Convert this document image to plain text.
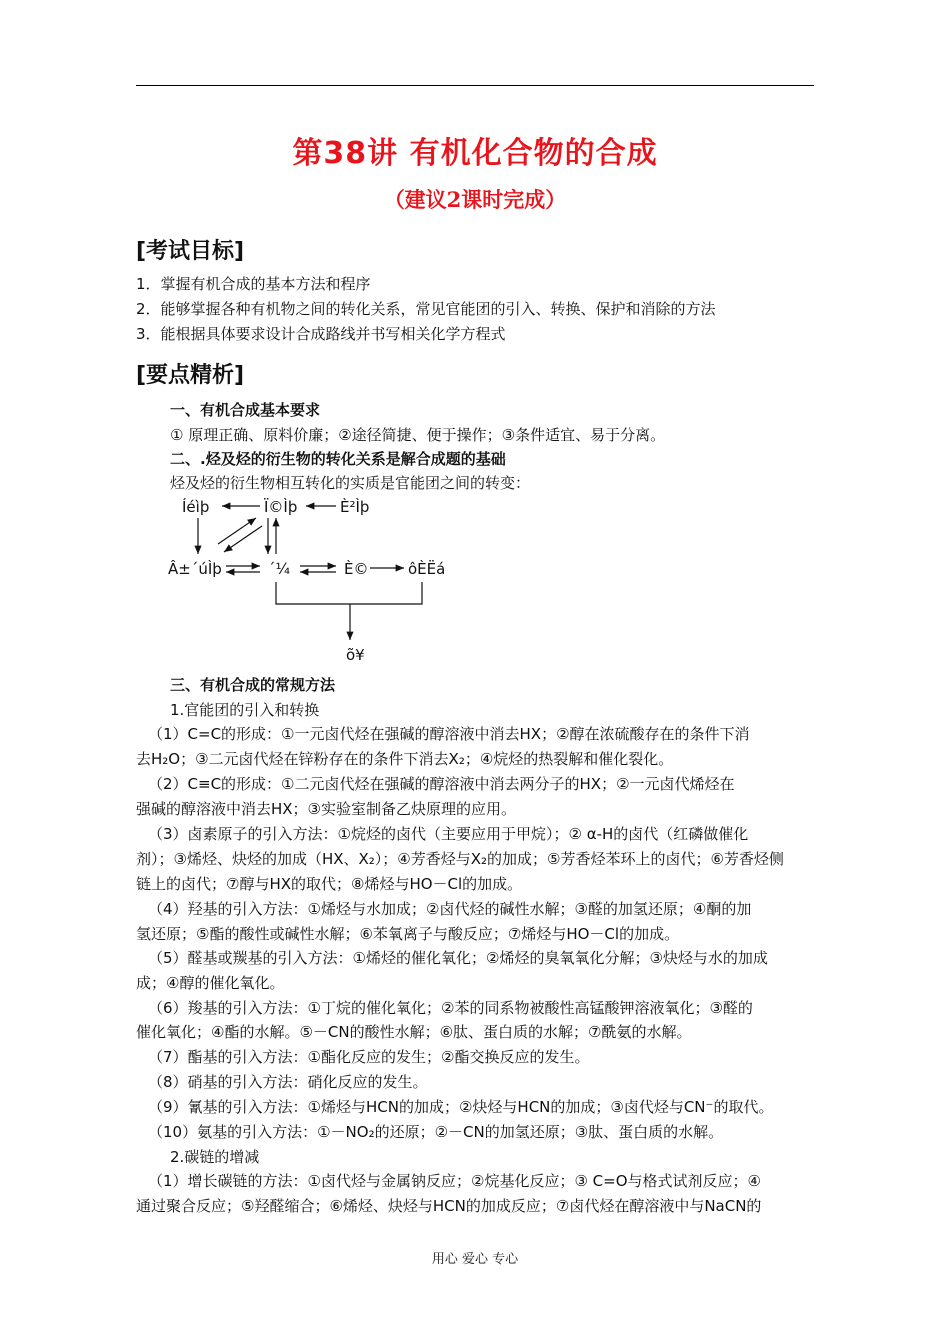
第38讲 有机化合物的合成
（建议2课时完成）
[考试目标]
1．掌握有机合成的基本方法和程序
2．能够掌握各种有机物之间的转化关系，常见官能团的引入、转换、保护和消除的方法
3．能根据具体要求设计合成路线并书写相关化学方程式
[要点精析]
一、有机合成基本要求
① 原理正确、原料价廉；②途径简捷、便于操作；③条件适宜、易于分离。
二、.烃及烃的衍生物的转化关系是解合成题的基础
烃及烃的衍生物相互转化的实质是官能团之间的转变：
Íéìþ	Ï©Ìþ	È²Ìþ
Â±´úÌþ	´¼	È©	ôÈËá
õ¥
三、有机合成的常规方法
1.官能团的引入和转换
（1）C=C的形成：①一元卤代烃在强碱的醇溶液中消去HX；②醇在浓硫酸存在的条件下消
去H₂O；③二元卤代烃在锌粉存在的条件下消去X₂；④烷烃的热裂解和催化裂化。
（2）C≡C的形成：①二元卤代烃在强碱的醇溶液中消去两分子的HX；②一元卤代烯烃在
强碱的醇溶液中消去HX；③实验室制备乙炔原理的应用。
（3）卤素原子的引入方法：①烷烃的卤代（主要应用于甲烷）；② α-H的卤代（红磷做催化
剂）；③烯烃、炔烃的加成（HX、X₂）；④芳香烃与X₂的加成；⑤芳香烃苯环上的卤代；⑥芳香烃侧
链上的卤代；⑦醇与HX的取代；⑧烯烃与HO－Cl的加成。
（4）羟基的引入方法：①烯烃与水加成；②卤代烃的碱性水解；③醛的加氢还原；④酮的加
氢还原；⑤酯的酸性或碱性水解；⑥苯氧离子与酸反应；⑦烯烃与HO－Cl的加成。
（5）醛基或羰基的引入方法：①烯烃的催化氧化；②烯烃的臭氧氧化分解；③炔烃与水的加成
成；④醇的催化氧化。
（6）羧基的引入方法：①丁烷的催化氧化；②苯的同系物被酸性高锰酸钾溶液氧化；③醛的
催化氧化；④酯的水解。⑤－CN的酸性水解；⑥肽、蛋白质的水解；⑦酰氨的水解。
（7）酯基的引入方法：①酯化反应的发生；②酯交换反应的发生。
（8）硝基的引入方法：硝化反应的发生。
（9）氰基的引入方法：①烯烃与HCN的加成；②炔烃与HCN的加成；③卤代烃与CN⁻的取代。
（10）氨基的引入方法：①－NO₂的还原；②－CN的加氢还原；③肽、蛋白质的水解。
2.碳链的增减
（1）增长碳链的方法：①卤代烃与金属钠反应；②烷基化反应；③ C=O与格式试剂反应；④
通过聚合反应；⑤羟醛缩合；⑥烯烃、炔烃与HCN的加成反应；⑦卤代烃在醇溶液中与NaCN的
用心 爱心 专心
